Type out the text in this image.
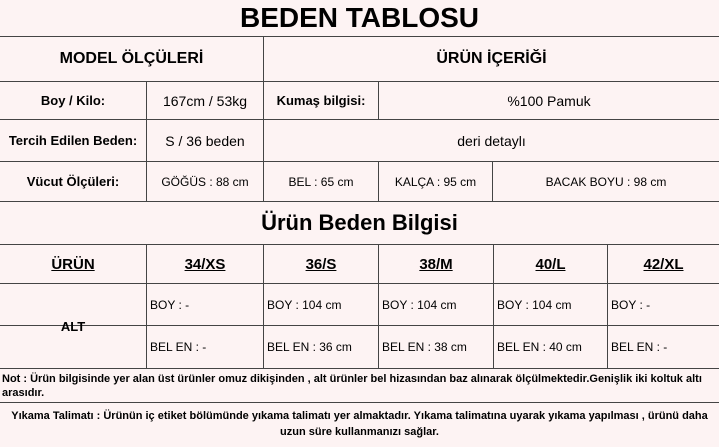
BEDEN TABLOSU
MODEL ÖLÇÜLERİ	ÜRÜN İÇERİĞİ
Boy / Kilo:	167cm / 53kg	Kumaş bilgisi:	%100 Pamuk
Tercih Edilen Beden:	S / 36 beden	deri detaylı
Vücut Ölçüleri:	GÖĞÜS : 88 cm	BEL : 65 cm	KALÇA : 95 cm	BACAK BOYU : 98 cm
Ürün Beden Bilgisi
ÜRÜN	34/XS	36/S	38/M	40/L	42/XL
ALT
BOY : -	BOY : 104 cm	BOY : 104 cm	BOY : 104 cm	BOY : -
BEL EN : -	BEL EN : 36 cm	BEL EN : 38 cm	BEL EN : 40 cm	BEL EN : -
Not : Ürün bilgisinde yer alan üst ürünler omuz dikişinden , alt ürünler bel hizasından baz alınarak ölçülmektedir.Genişlik iki koltuk altı arasıdır.
Yıkama Talimatı : Ürünün iç etiket bölümünde yıkama talimatı yer almaktadır. Yıkama talimatına uyarak yıkama yapılması , ürünü daha uzun süre kullanmanızı sağlar.
